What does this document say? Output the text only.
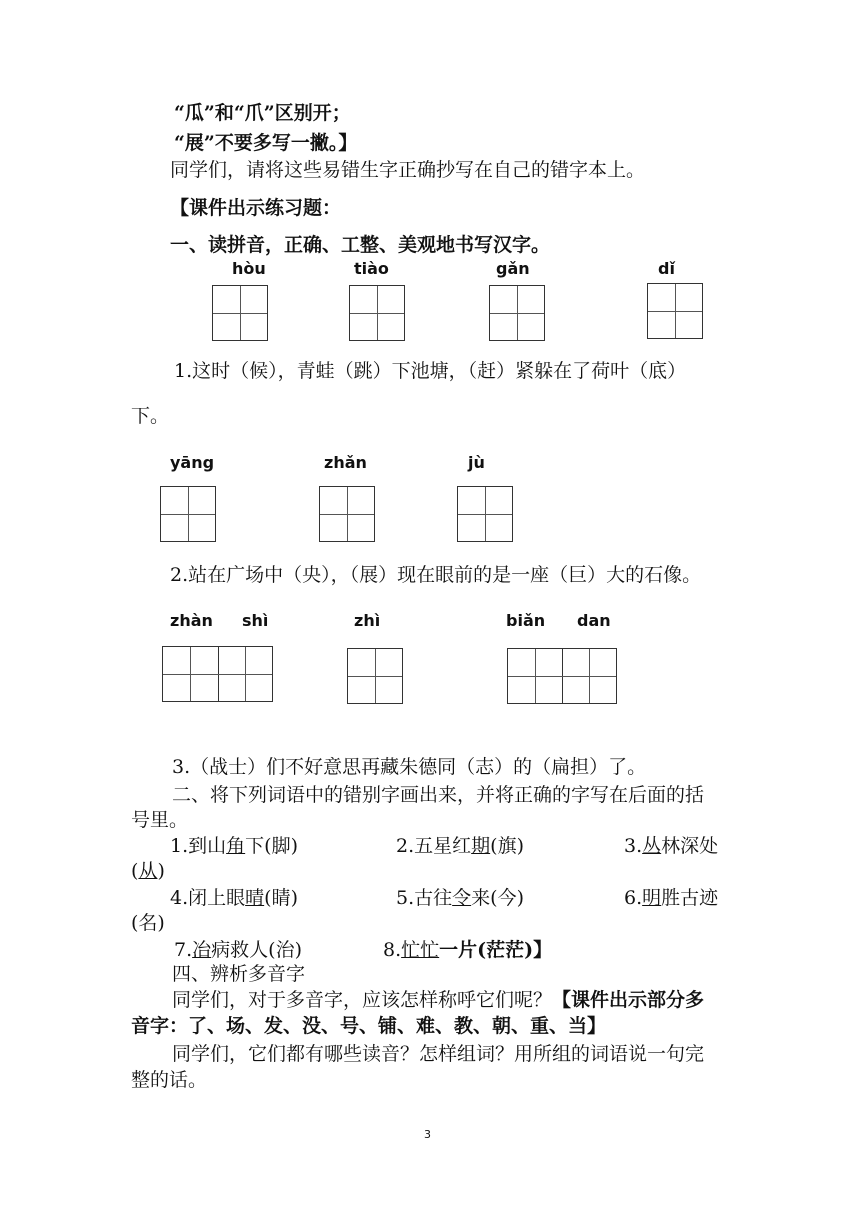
“瓜”和“爪”区别开；
“展”不要多写一撇。】
同学们，请将这些易错生字正确抄写在自己的错字本上。
【课件出示练习题：
一、读拼音，正确、工整、美观地书写汉字。
hòu	tiào	gǎn	dǐ
1.这时（候），青蛙（跳）下池塘，（赶）紧躲在了荷叶（底）
下。
yāng	zhǎn	jù
2.站在广场中（央），（展）现在眼前的是一座（巨）大的石像。
zhàn shì	zhì	biǎn dan
3.（战士）们不好意思再藏朱德同（志）的（扁担）了。
二、将下列词语中的错别字画出来，并将正确的字写在后面的括
号里。
1.到山角下(脚)	2.五星红期(旗)	3.丛林深处
(从)
4.闭上眼晴(睛)	5.古往令来(今)	6.明胜古迹
(名)
7.冶病救人(治)	8.忙忙一片(茫茫)】
四、辨析多音字
同学们，对于多音字，应该怎样称呼它们呢？【课件出示部分多
音字：了、场、发、没、号、铺、难、教、朝、重、当】
同学们，它们都有哪些读音？怎样组词？用所组的词语说一句完
整的话。
3
